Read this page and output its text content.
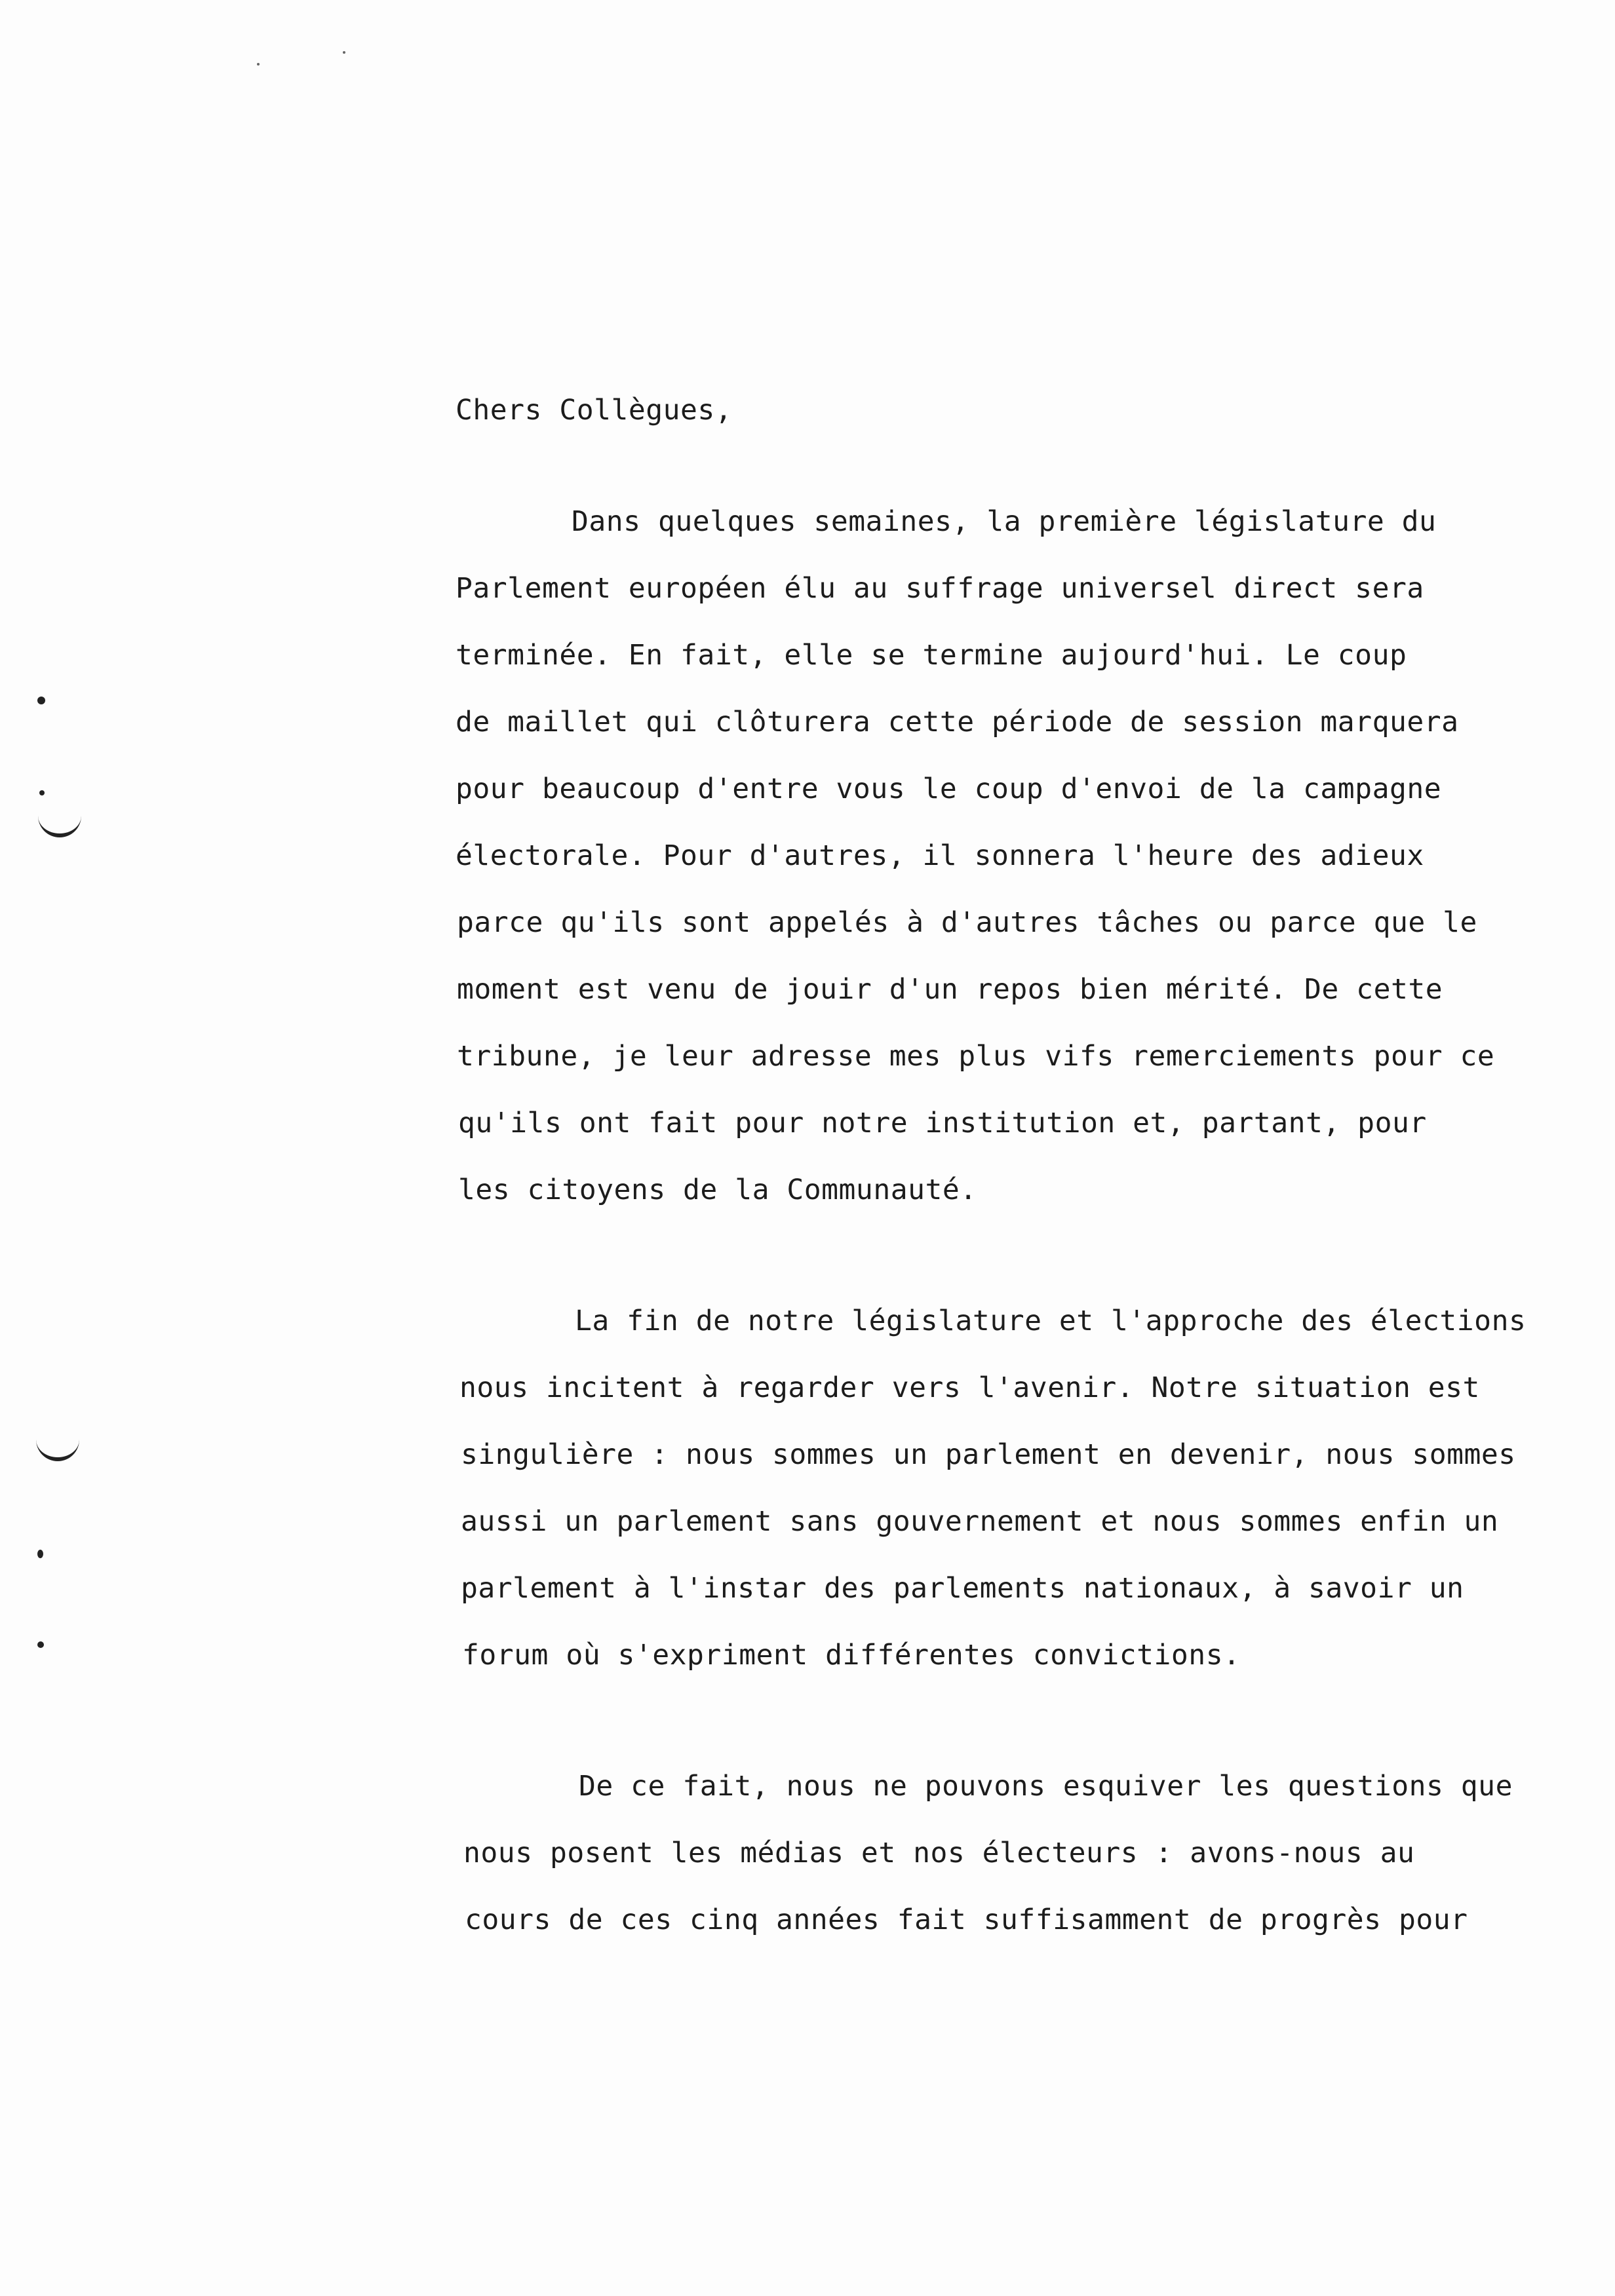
Chers Collègues,
Dans quelques semaines, la première législature du
Parlement européen élu au suffrage universel direct sera
terminée. En fait, elle se termine aujourd'hui. Le coup
de maillet qui clôturera cette période de session marquera
pour beaucoup d'entre vous le coup d'envoi de la campagne
électorale. Pour d'autres, il sonnera l'heure des adieux
parce qu'ils sont appelés à d'autres tâches ou parce que le
moment est venu de jouir d'un repos bien mérité. De cette
tribune, je leur adresse mes plus vifs remerciements pour ce
qu'ils ont fait pour notre institution et, partant, pour
les citoyens de la Communauté.
La fin de notre législature et l'approche des élections
nous incitent à regarder vers l'avenir. Notre situation est
singulière : nous sommes un parlement en devenir, nous sommes
aussi un parlement sans gouvernement et nous sommes enfin un
parlement à l'instar des parlements nationaux, à savoir un
forum où s'expriment différentes convictions.
De ce fait, nous ne pouvons esquiver les questions que
nous posent les médias et nos électeurs : avons-nous au
cours de ces cinq années fait suffisamment de progrès pour
